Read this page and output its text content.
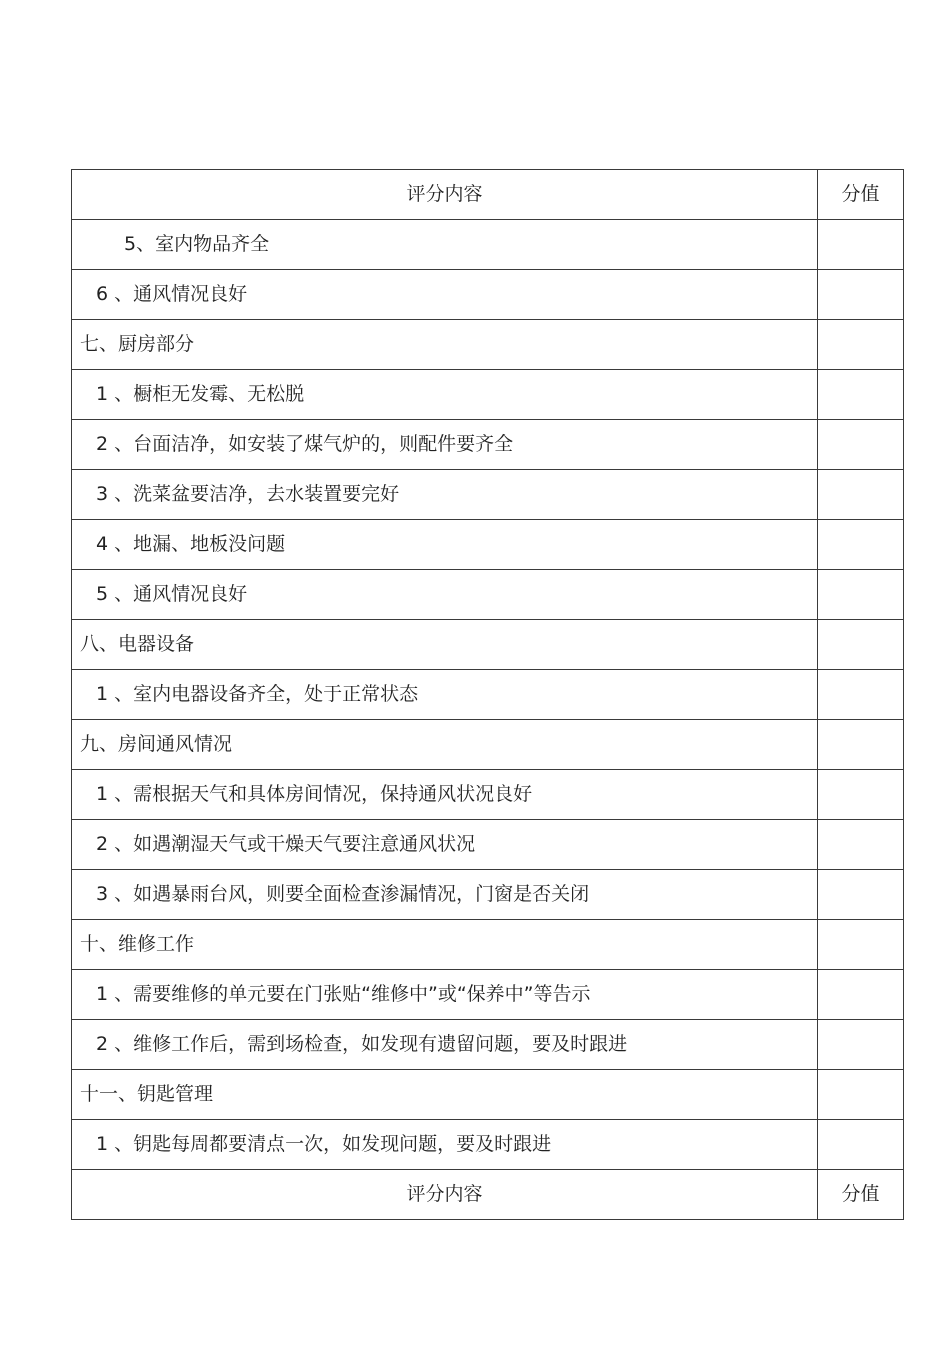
评分内容	分值
5、室内物品齐全	
6 、通风情况良好	
七、厨房部分	
1 、橱柜无发霉、无松脱	
2 、台面洁净，如安装了煤气炉的，则配件要齐全	
3 、洗菜盆要洁净，去水装置要完好	
4 、地漏、地板没问题	
5 、通风情况良好	
八、电器设备	
1 、室内电器设备齐全，处于正常状态	
九、房间通风情况	
1 、需根据天气和具体房间情况，保持通风状况良好	
2 、如遇潮湿天气或干燥天气要注意通风状况	
3 、如遇暴雨台风，则要全面检查渗漏情况，门窗是否关闭	
十、维修工作	
1 、需要维修的单元要在门张贴“维修中”或“保养中”等告示	
2 、维修工作后，需到场检查，如发现有遗留问题，要及时跟进	
十一、钥匙管理	
1 、钥匙每周都要清点一次，如发现问题，要及时跟进	
评分内容	分值
